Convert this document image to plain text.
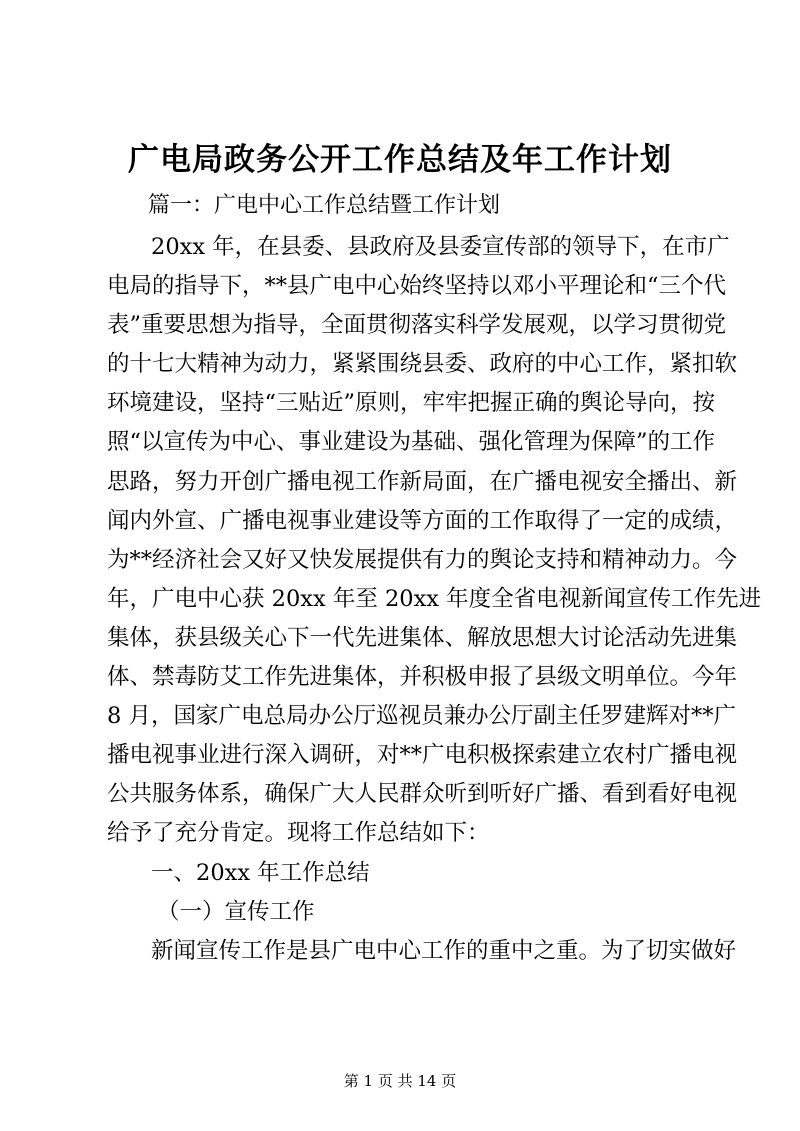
广电局政务公开工作总结及年工作计划
篇一：广电中心工作总结暨工作计划
20xx 年，在县委、县政府及县委宣传部的领导下，在市广
电局的指导下，**县广电中心始终坚持以邓小平理论和“三个代
表”重要思想为指导，全面贯彻落实科学发展观，以学习贯彻党
的十七大精神为动力，紧紧围绕县委、政府的中心工作，紧扣软
环境建设，坚持“三贴近”原则，牢牢把握正确的舆论导向，按
照“以宣传为中心、事业建设为基础、强化管理为保障”的工作
思路，努力开创广播电视工作新局面，在广播电视安全播出、新
闻内外宣、广播电视事业建设等方面的工作取得了一定的成绩，
为**经济社会又好又快发展提供有力的舆论支持和精神动力。今
年，广电中心获 20xx 年至 20xx 年度全省电视新闻宣传工作先进
集体，获县级关心下一代先进集体、解放思想大讨论活动先进集
体、禁毒防艾工作先进集体，并积极申报了县级文明单位。今年
8 月，国家广电总局办公厅巡视员兼办公厅副主任罗建辉对**广
播电视事业进行深入调研，对**广电积极探索建立农村广播电视
公共服务体系，确保广大人民群众听到听好广播、看到看好电视
给予了充分肯定。现将工作总结如下：
一、20xx 年工作总结
（一）宣传工作
新闻宣传工作是县广电中心工作的重中之重。为了切实做好
第 1 页 共 14 页
